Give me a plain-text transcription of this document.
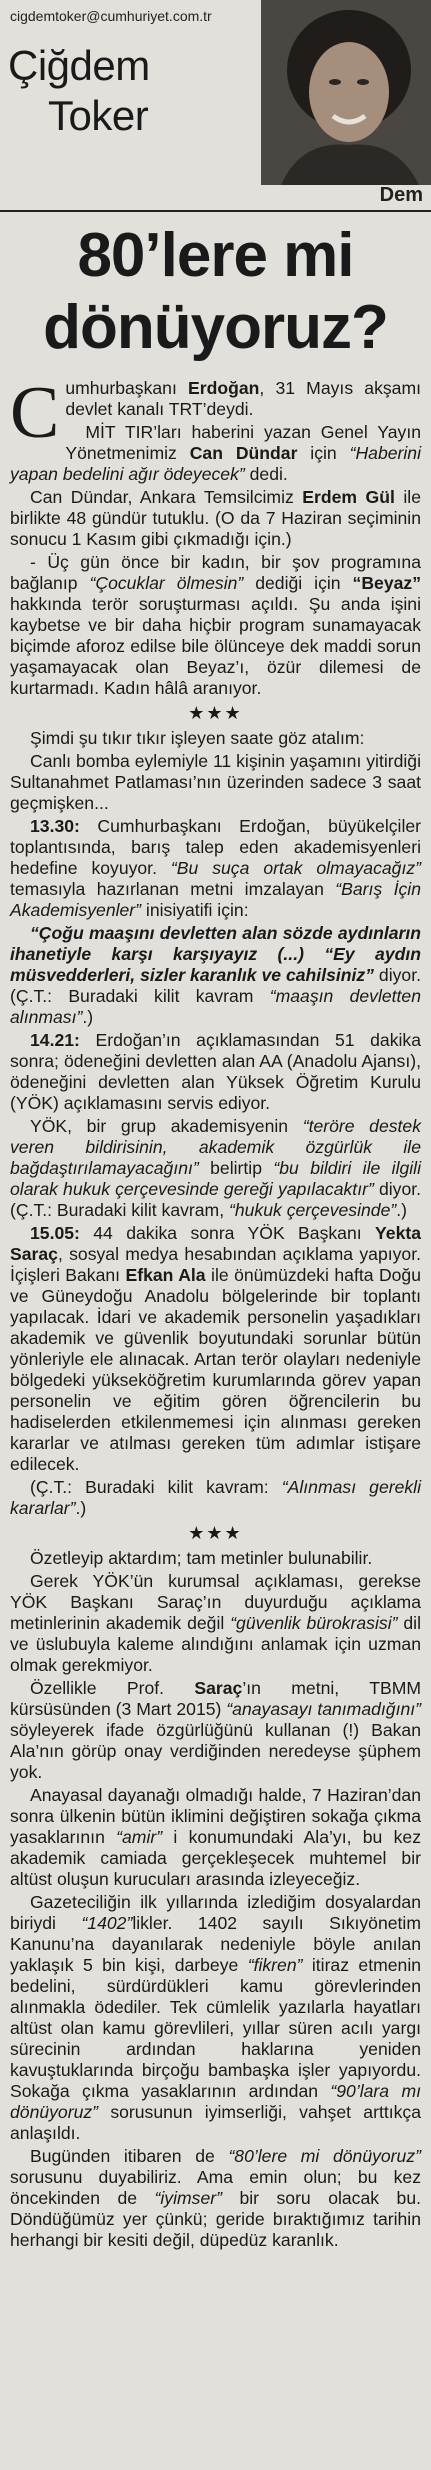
cigdemtoker@cumhuriyet.com.tr
Çiğdem
Toker
Dem
80’lere mi dönüyoruz?

Cumhurbaşkanı Erdoğan, 31 Mayıs akşamı devlet kanalı TRT’deydi.

MİT TIR’ları haberini yazan Genel Yayın Yönetmenimiz Can Dündar için “Haberini yapan bedelini ağır ödeyecek” dedi.

Can Dündar, Ankara Temsilcimiz Erdem Gül ile birlikte 48 gündür tutuklu. (O da 7 Haziran seçiminin sonucu 1 Kasım gibi çıkmadığı için.)

- Üç gün önce bir kadın, bir şov programına bağlanıp “Çocuklar ölmesin” dediği için “Beyaz” hakkında terör soruşturması açıldı. Şu anda işini kaybetse ve bir daha hiçbir program sunamayacak biçimde aforoz edilse bile ölünceye dek maddi sorun yaşamayacak olan Beyaz’ı, özür dilemesi de kurtarmadı. Kadın hâlâ aranıyor.

★★★

Şimdi şu tıkır tıkır işleyen saate göz atalım:

Canlı bomba eylemiyle 11 kişinin yaşamını yitirdiği Sultanahmet Patlaması’nın üzerinden sadece 3 saat geçmişken...

13.30: Cumhurbaşkanı Erdoğan, büyükelçiler toplantısında, barış talep eden akademisyenleri hedefine koyuyor. “Bu suça ortak olmayacağız” temasıyla hazırlanan metni imzalayan “Barış İçin Akademisyenler” inisiyatifi için:

“Çoğu maaşını devletten alan sözde aydınların ihanetiyle karşı karşıyayız (...) “Ey aydın müsvedderleri, sizler karanlık ve cahilsiniz” diyor. (Ç.T.: Buradaki kilit kavram “maaşın devletten alınması”.)

14.21: Erdoğan’ın açıklamasından 51 dakika sonra; ödeneğini devletten alan AA (Anadolu Ajansı), ödeneğini devletten alan Yüksek Öğretim Kurulu (YÖK) açıklamasını servis ediyor.

YÖK, bir grup akademisyenin “teröre destek veren bildirisinin, akademik özgürlük ile bağdaştırılamayacağını” belirtip “bu bildiri ile ilgili olarak hukuk çerçevesinde gereği yapılacaktır” diyor. (Ç.T.: Buradaki kilit kavram, “hukuk çerçevesinde”.)

15.05: 44 dakika sonra YÖK Başkanı Yekta Saraç, sosyal medya hesabından açıklama yapıyor. İçişleri Bakanı Efkan Ala ile önümüzdeki hafta Doğu ve Güneydoğu Anadolu bölgelerinde bir toplantı yapılacak. İdari ve akademik personelin yaşadıkları akademik ve güvenlik boyutundaki sorunlar bütün yönleriyle ele alınacak. Artan terör olayları nedeniyle bölgedeki yükseköğretim kurumlarında görev yapan personelin ve eğitim gören öğrencilerin bu hadiselerden etkilenmemesi için alınması gereken kararlar ve atılması gereken tüm adımlar istişare edilecek.

(Ç.T.: Buradaki kilit kavram: “Alınması gerekli kararlar”.)

★★★

Özetleyip aktardım; tam metinler bulunabilir.

Gerek YÖK’ün kurumsal açıklaması, gerekse YÖK Başkanı Saraç’ın duyurduğu açıklama metinlerinin akademik değil “güvenlik bürokrasisi” dil ve üslubuyla kaleme alındığını anlamak için uzman olmak gerekmiyor.

Özellikle Prof. Saraç’ın metni, TBMM kürsüsünden (3 Mart 2015) “anayasayı tanımadığını” söyleyerek ifade özgürlüğünü kullanan (!) Bakan Ala’nın görüp onay verdiğinden neredeyse şüphem yok.

Anayasal dayanağı olmadığı halde, 7 Haziran’dan sonra ülkenin bütün iklimini değiştiren sokağa çıkma yasaklarının “amir” i konumundaki Ala’yı, bu kez akademik camiada gerçekleşecek muhtemel bir altüst oluşun kurucuları arasında izleyeceğiz.

Gazeteciliğin ilk yıllarında izlediğim dosyalardan biriydi “1402”likler. 1402 sayılı Sıkıyönetim Kanunu’na dayanılarak nedeniyle böyle anılan yaklaşık 5 bin kişi, darbeye “fikren” itiraz etmenin bedelini, sürdürdükleri kamu görevlerinden alınmakla ödediler. Tek cümlelik yazılarla hayatları altüst olan kamu görevlileri, yıllar süren acılı yargı sürecinin ardından haklarına yeniden kavuştuklarında birçoğu bambaşka işler yapıyordu. Sokağa çıkma yasaklarının ardından “90’lara mı dönüyoruz” sorusunun iyimserliği, vahşet arttıkça anlaşıldı.

Bugünden itibaren de “80’lere mi dönüyoruz” sorusunu duyabiliriz. Ama emin olun; bu kez öncekinden de “iyimser” bir soru olacak bu. Döndüğümüz yer çünkü; geride bıraktığımız tarihin herhangi bir kesiti değil, düpedüz karanlık.
